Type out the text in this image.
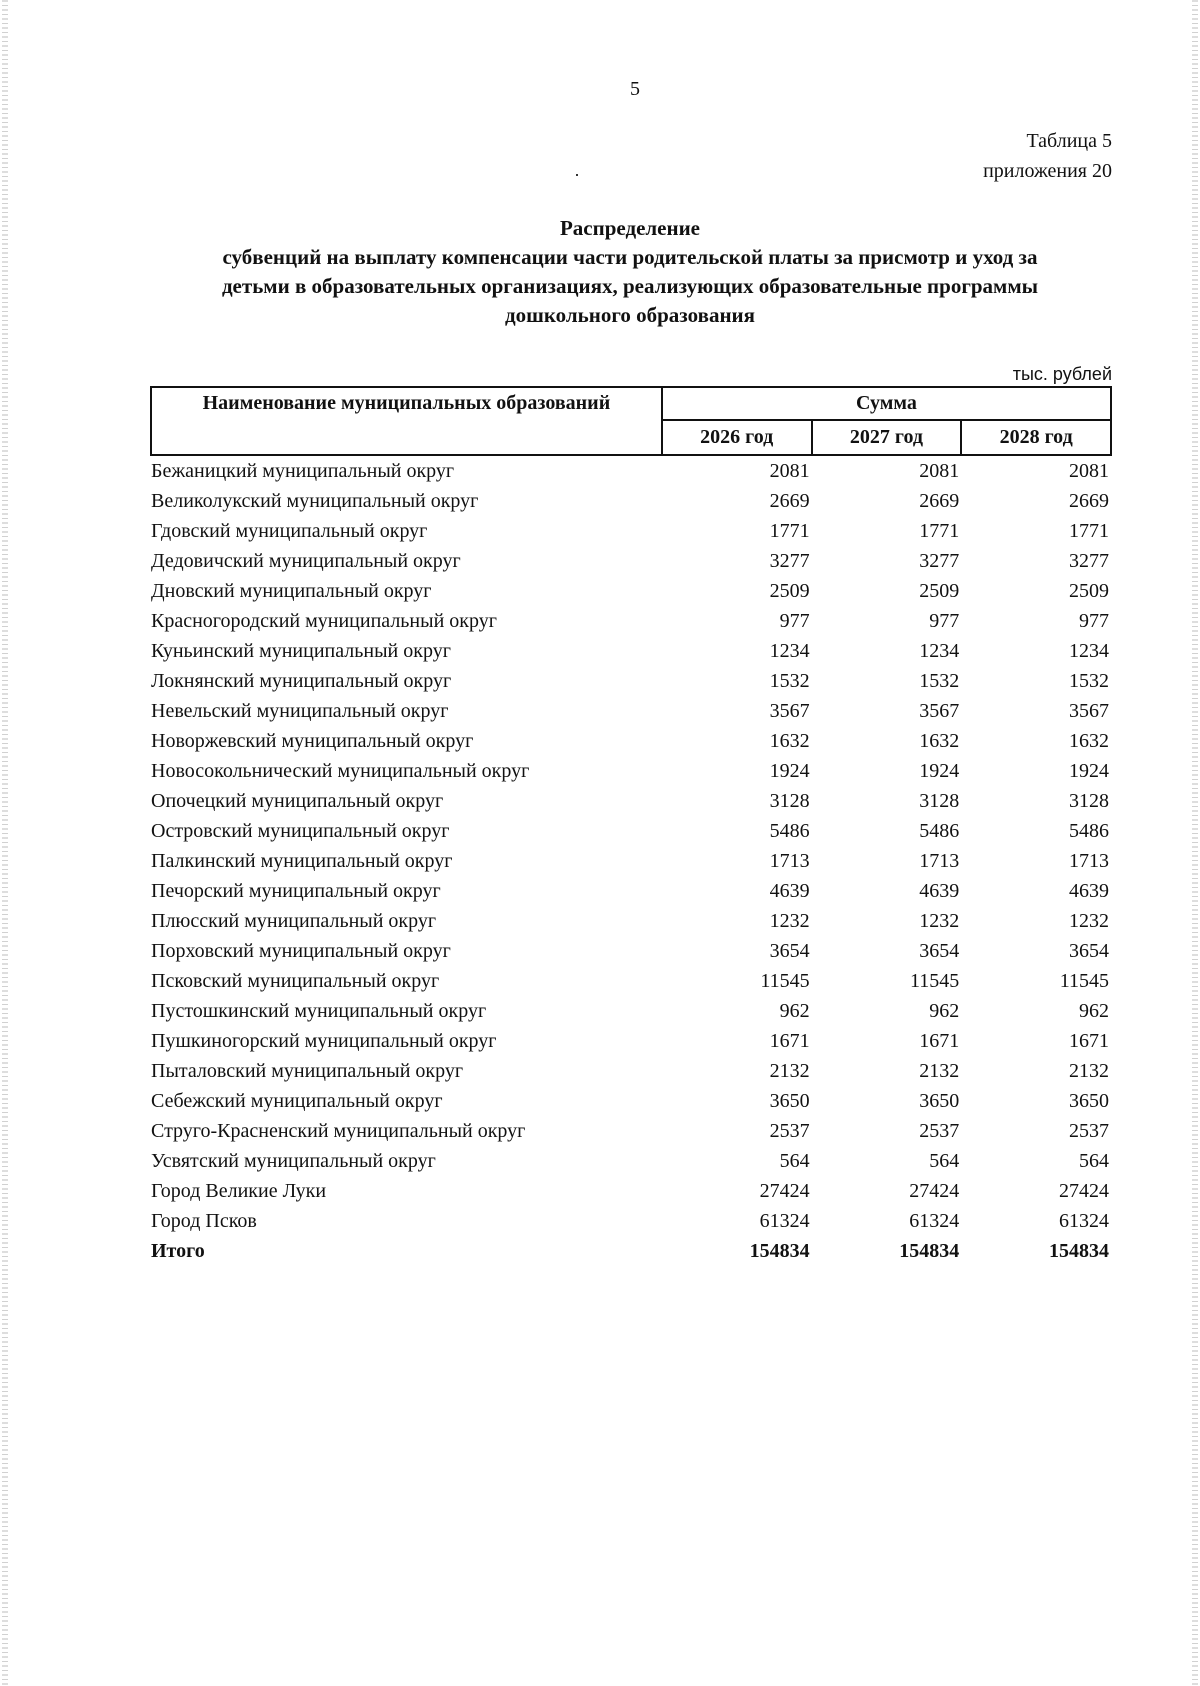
5
Таблица 5
приложения 20
Распределение
субвенций на выплату компенсации части родительской платы за присмотр и уход за
детьми в образовательных организациях, реализующих образовательные программы
дошкольного образования
тыс. рублей
Наименование муниципальных образований	Сумма		
	2026 год	2027 год	2028 год
Бежаницкий муниципальный округ	2081	2081	2081
Великолукский муниципальный округ	2669	2669	2669
Гдовский муниципальный округ	1771	1771	1771
Дедовичский муниципальный округ	3277	3277	3277
Дновский муниципальный округ	2509	2509	2509
Красногородский муниципальный округ	977	977	977
Куньинский муниципальный округ	1234	1234	1234
Локнянский муниципальный округ	1532	1532	1532
Невельский муниципальный округ	3567	3567	3567
Новоржевский муниципальный округ	1632	1632	1632
Новосокольнический муниципальный округ	1924	1924	1924
Опочецкий муниципальный округ	3128	3128	3128
Островский муниципальный округ	5486	5486	5486
Палкинский муниципальный округ	1713	1713	1713
Печорский муниципальный округ	4639	4639	4639
Плюсский муниципальный округ	1232	1232	1232
Порховский муниципальный округ	3654	3654	3654
Псковский муниципальный округ	11545	11545	11545
Пустошкинский муниципальный округ	962	962	962
Пушкиногорский муниципальный округ	1671	1671	1671
Пыталовский муниципальный округ	2132	2132	2132
Себежский муниципальный округ	3650	3650	3650
Струго-Красненский муниципальный округ	2537	2537	2537
Усвятский муниципальный округ	564	564	564
Город Великие Луки	27424	27424	27424
Город Псков	61324	61324	61324
Итого	154834	154834	154834
